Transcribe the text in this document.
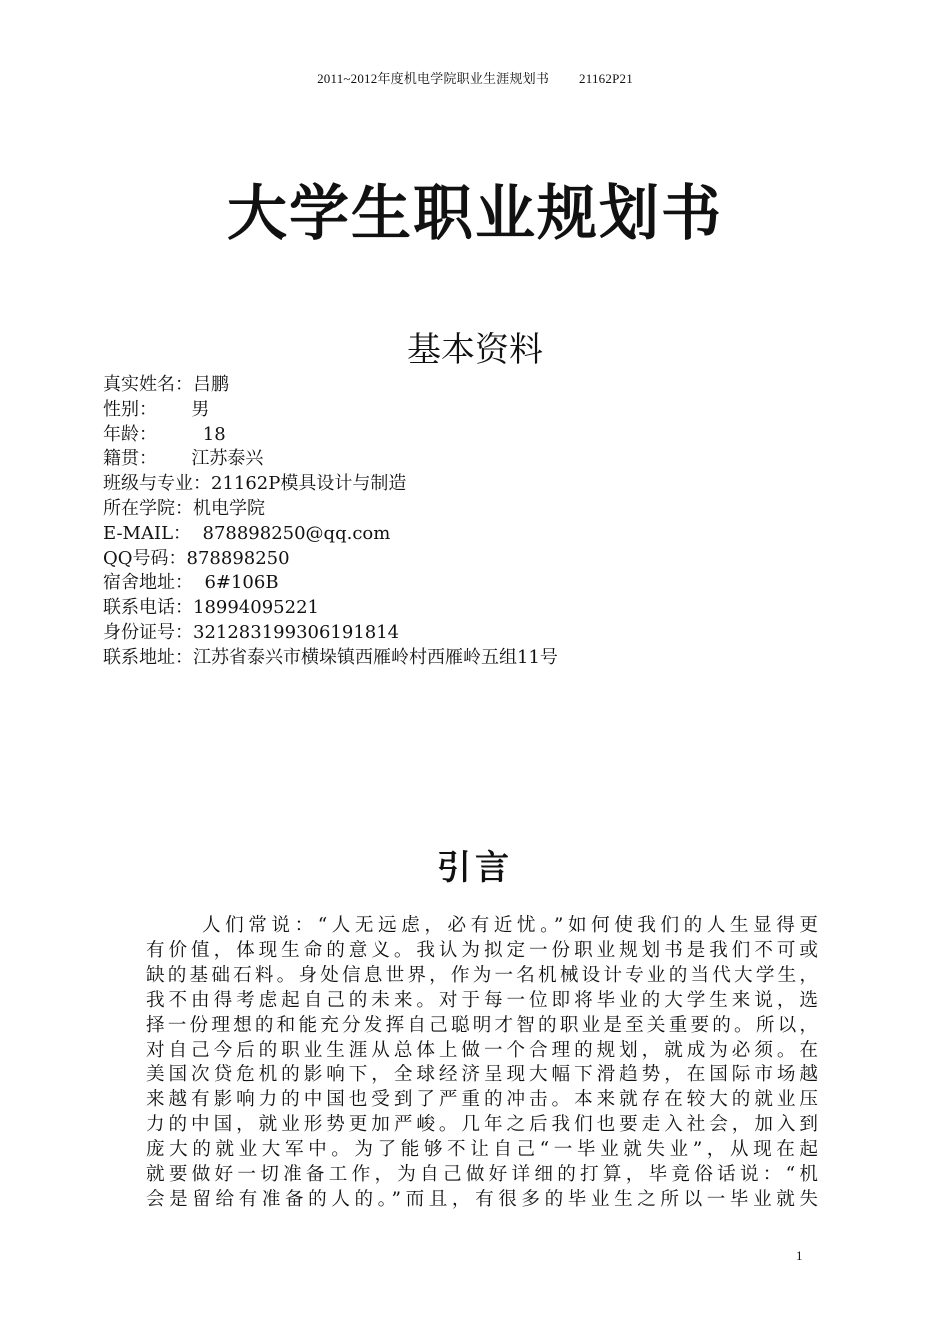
2011~2012年度机电学院职业生涯规划书 21162P21
大学生职业规划书
基本资料
真实姓名：吕鹏
性别：      男
年龄：        18
籍贯：      江苏泰兴
班级与专业：21162P模具设计与制造
所在学院：机电学院
E-MAIL：  878898250@qq.com
QQ号码：878898250
宿舍地址：  6#106B
联系电话：18994095221
身份证号：321283199306191814
联系地址：江苏省泰兴市横垛镇西雁岭村西雁岭五组11号
引言

人们常说：“人无远虑，必有近忧。”如何使我们的人生显得更
有价值，体现生命的意义。我认为拟定一份职业规划书是我们不可或
缺的基础石料。身处信息世界，作为一名机械设计专业的当代大学生，
我不由得考虑起自己的未来。对于每一位即将毕业的大学生来说，选
择一份理想的和能充分发挥自己聪明才智的职业是至关重要的。所以，
对自己今后的职业生涯从总体上做一个合理的规划，就成为必须。在
美国次贷危机的影响下，全球经济呈现大幅下滑趋势，在国际市场越
来越有影响力的中国也受到了严重的冲击。本来就存在较大的就业压
力的中国，就业形势更加严峻。几年之后我们也要走入社会，加入到
庞大的就业大军中。为了能够不让自己“一毕业就失业”，从现在起
就要做好一切准备工作，为自己做好详细的打算，毕竟俗话说：“机
会是留给有准备的人的。”而且，有很多的毕业生之所以一毕业就失

1
